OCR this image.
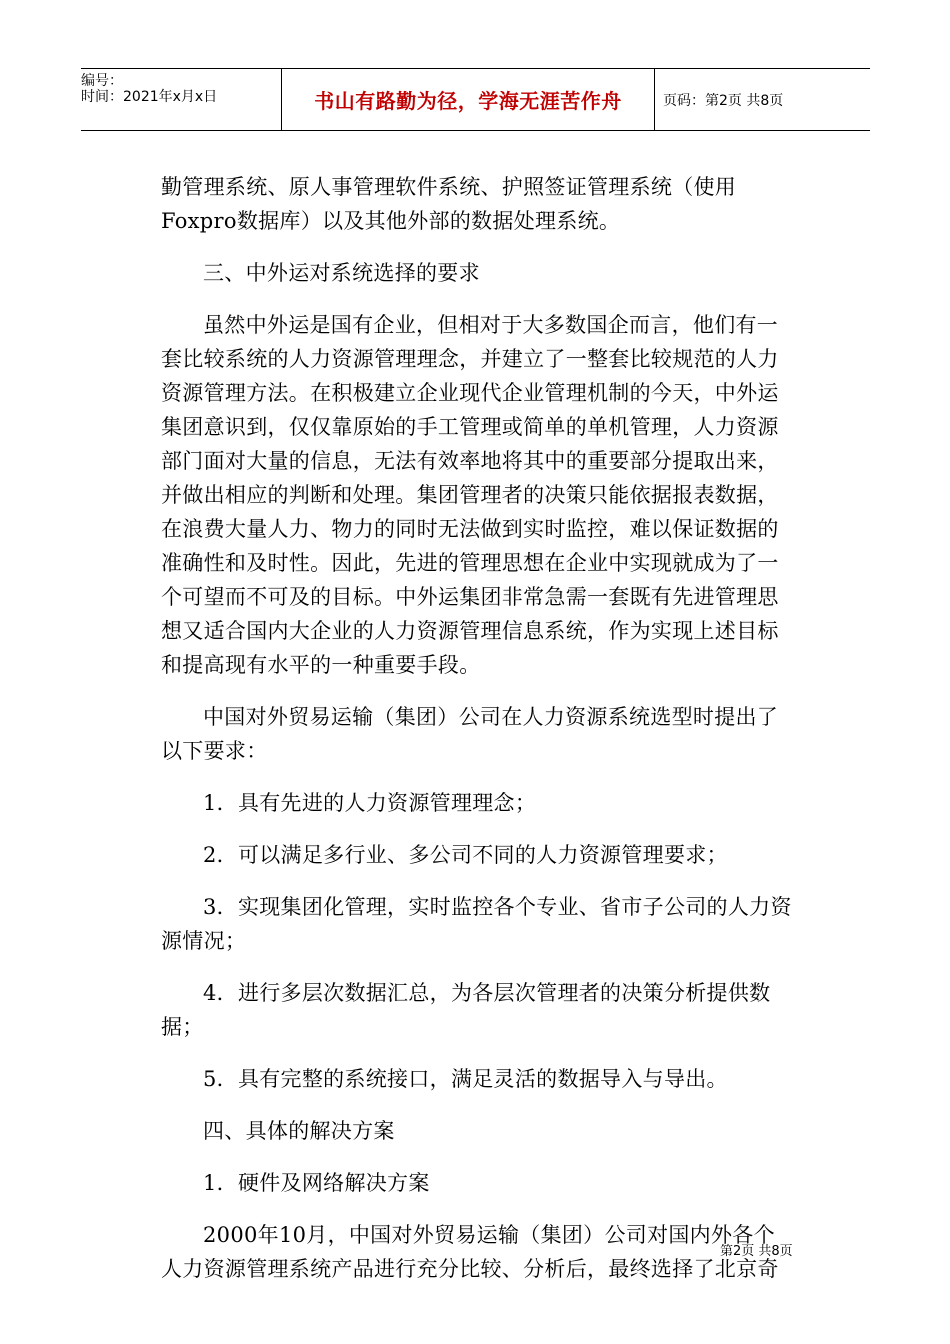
编号：
时间：2021年x月x日	书山有路勤为径，学海无涯苦作舟	页码：第2页 共8页

勤管理系统、原人事管理软件系统、护照签证管理系统（使用Foxpro数据库）以及其他外部的数据处理系统。

三、中外运对系统选择的要求

虽然中外运是国有企业，但相对于大多数国企而言，他们有一套比较系统的人力资源管理理念，并建立了一整套比较规范的人力资源管理方法。在积极建立企业现代企业管理机制的今天，中外运集团意识到，仅仅靠原始的手工管理或简单的单机管理，人力资源部门面对大量的信息，无法有效率地将其中的重要部分提取出来，并做出相应的判断和处理。集团管理者的决策只能依据报表数据，在浪费大量人力、物力的同时无法做到实时监控，难以保证数据的准确性和及时性。因此，先进的管理思想在企业中实现就成为了一个可望而不可及的目标。中外运集团非常急需一套既有先进管理思想又适合国内大企业的人力资源管理信息系统，作为实现上述目标和提高现有水平的一种重要手段。

中国对外贸易运输（集团）公司在人力资源系统选型时提出了以下要求：

1．具有先进的人力资源管理理念；

2．可以满足多行业、多公司不同的人力资源管理要求；

3．实现集团化管理，实时监控各个专业、省市子公司的人力资源情况；

4．进行多层次数据汇总，为各层次管理者的决策分析提供数据；

5．具有完整的系统接口，满足灵活的数据导入与导出。

四、具体的解决方案

1．硬件及网络解决方案

2000年10月，中国对外贸易运输（集团）公司对国内外各个人力资源管理系统产品进行充分比较、分析后，最终选择了北京奇

第2页 共8页
